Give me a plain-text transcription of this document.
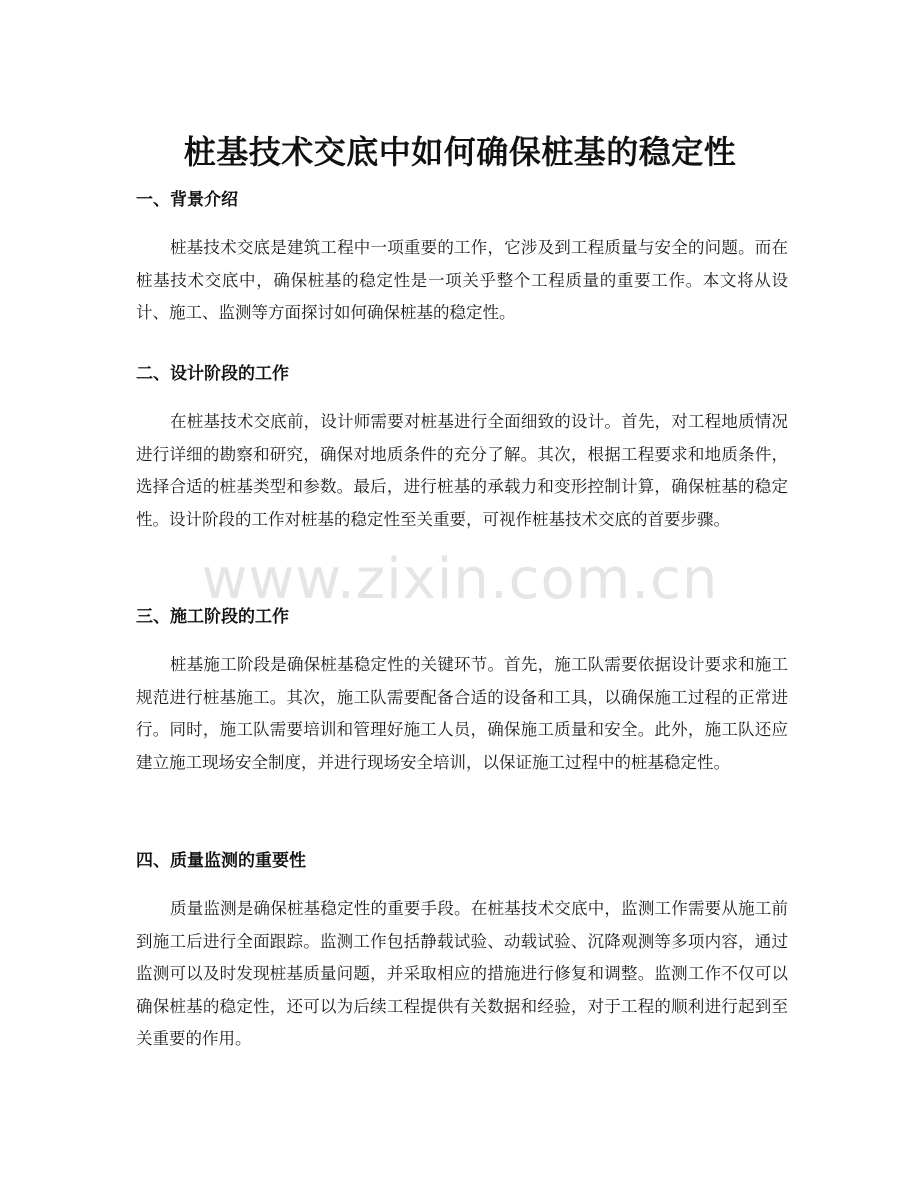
桩基技术交底中如何确保桩基的稳定性
一、背景介绍

桩基技术交底是建筑工程中一项重要的工作，它涉及到工程质量与安全的问题。而在桩基技术交底中，确保桩基的稳定性是一项关乎整个工程质量的重要工作。本文将从设计、施工、监测等方面探讨如何确保桩基的稳定性。

二、设计阶段的工作

在桩基技术交底前，设计师需要对桩基进行全面细致的设计。首先，对工程地质情况进行详细的勘察和研究，确保对地质条件的充分了解。其次，根据工程要求和地质条件，选择合适的桩基类型和参数。最后，进行桩基的承载力和变形控制计算，确保桩基的稳定性。设计阶段的工作对桩基的稳定性至关重要，可视作桩基技术交底的首要步骤。

三、施工阶段的工作

桩基施工阶段是确保桩基稳定性的关键环节。首先，施工队需要依据设计要求和施工规范进行桩基施工。其次，施工队需要配备合适的设备和工具，以确保施工过程的正常进行。同时，施工队需要培训和管理好施工人员，确保施工质量和安全。此外，施工队还应建立施工现场安全制度，并进行现场安全培训，以保证施工过程中的桩基稳定性。

四、质量监测的重要性

质量监测是确保桩基稳定性的重要手段。在桩基技术交底中，监测工作需要从施工前到施工后进行全面跟踪。监测工作包括静载试验、动载试验、沉降观测等多项内容，通过监测可以及时发现桩基质量问题，并采取相应的措施进行修复和调整。监测工作不仅可以确保桩基的稳定性，还可以为后续工程提供有关数据和经验，对于工程的顺利进行起到至关重要的作用。

www.zixin.com.cn
